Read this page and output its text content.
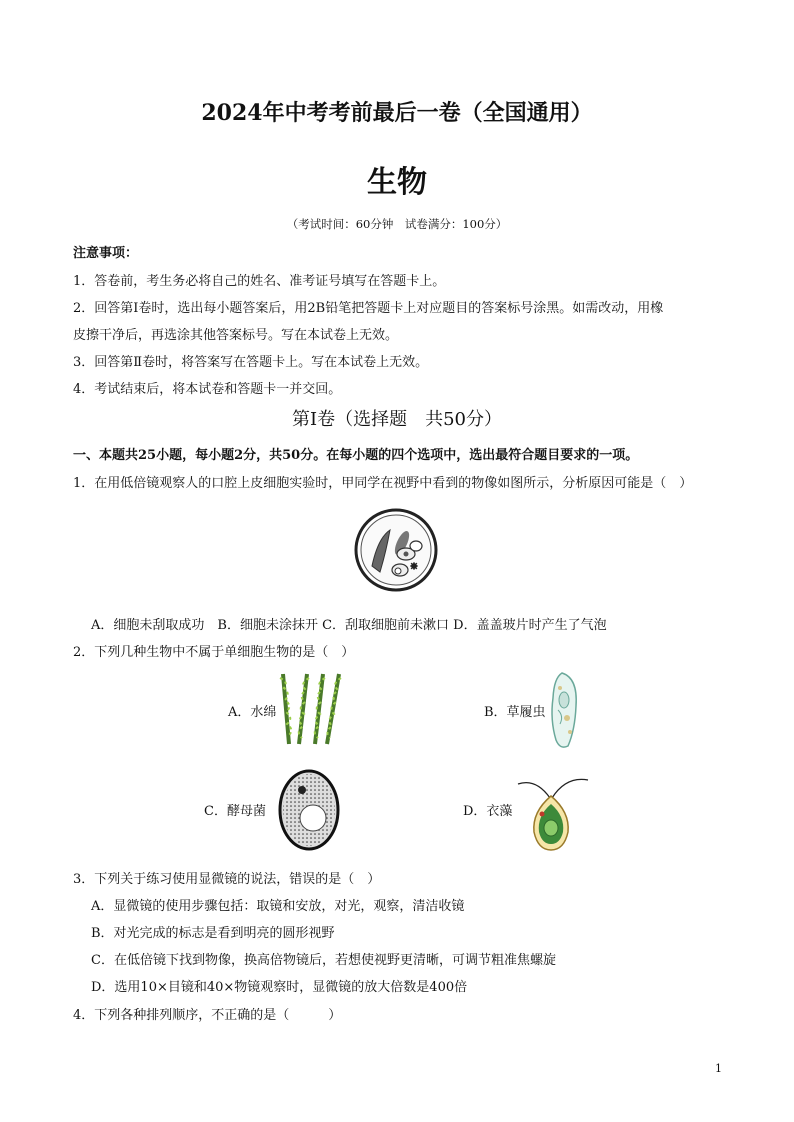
2024年中考考前最后一卷（全国通用）
生物
（考试时间：60分钟　试卷满分：100分）
注意事项：
1．答卷前，考生务必将自己的姓名、准考证号填写在答题卡上。
2．回答第Ⅰ卷时，选出每小题答案后，用2B铅笔把答题卡上对应题目的答案标号涂黑。如需改动，用橡
皮擦干净后，再选涂其他答案标号。写在本试卷上无效。
3．回答第Ⅱ卷时，将答案写在答题卡上。写在本试卷上无效。
4．考试结束后，将本试卷和答题卡一并交回。
第Ⅰ卷（选择题　共50分）
一、本题共25小题，每小题2分，共50分。在每小题的四个选项中，选出最符合题目要求的一项。
1．在用低倍镜观察人的口腔上皮细胞实验时，甲同学在视野中看到的物像如图所示，分析原因可能是（　）
A．细胞未刮取成功　B．细胞未涂抹开 C．刮取细胞前未漱口 D．盖盖玻片时产生了气泡
2．下列几种生物中不属于单细胞生物的是（　）
A．水绵	B．草履虫
C．酵母菌	D．衣藻
3．下列关于练习使用显微镜的说法，错误的是（　）
A．显微镜的使用步骤包括：取镜和安放，对光，观察，清洁收镜
B．对光完成的标志是看到明亮的圆形视野
C．在低倍镜下找到物像，换高倍物镜后，若想使视野更清晰，可调节粗准焦螺旋
D．选用10×目镜和40×物镜观察时，显微镜的放大倍数是400倍
4．下列各种排列顺序，不正确的是（　　　）
1
